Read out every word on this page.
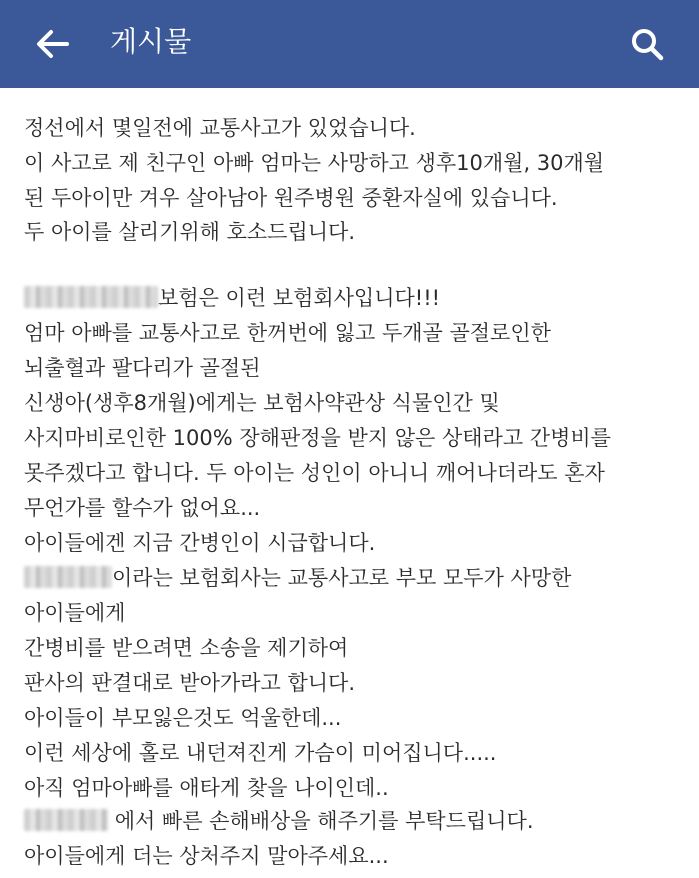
게시물
정선에서 몇일전에 교통사고가 있었습니다.
이 사고로 제 친구인 아빠 엄마는 사망하고 생후10개월, 30개월
된 두아이만 겨우 살아남아 원주병원 중환자실에 있습니다.
두 아이를 살리기위해 호소드립니다.
보험은 이런 보험회사입니다!!!
엄마 아빠를 교통사고로 한꺼번에 잃고 두개골 골절로인한
뇌출혈과 팔다리가 골절된
신생아(생후8개월)에게는 보험사약관상 식물인간 및
사지마비로인한 100% 장해판정을 받지 않은 상태라고 간병비를
못주겠다고 합니다. 두 아이는 성인이 아니니 깨어나더라도 혼자
무언가를 할수가 없어요...
아이들에겐 지금 간병인이 시급합니다.
이라는 보험회사는 교통사고로 부모 모두가 사망한
아이들에게
간병비를 받으려면 소송을 제기하여
판사의 판결대로 받아가라고 합니다.
아이들이 부모잃은것도 억울한데...
이런 세상에 홀로 내던져진게 가슴이 미어집니다.....
아직 엄마아빠를 애타게 찾을 나이인데..
에서 빠른 손해배상을 해주기를 부탁드립니다.
아이들에게 더는 상처주지 말아주세요...
